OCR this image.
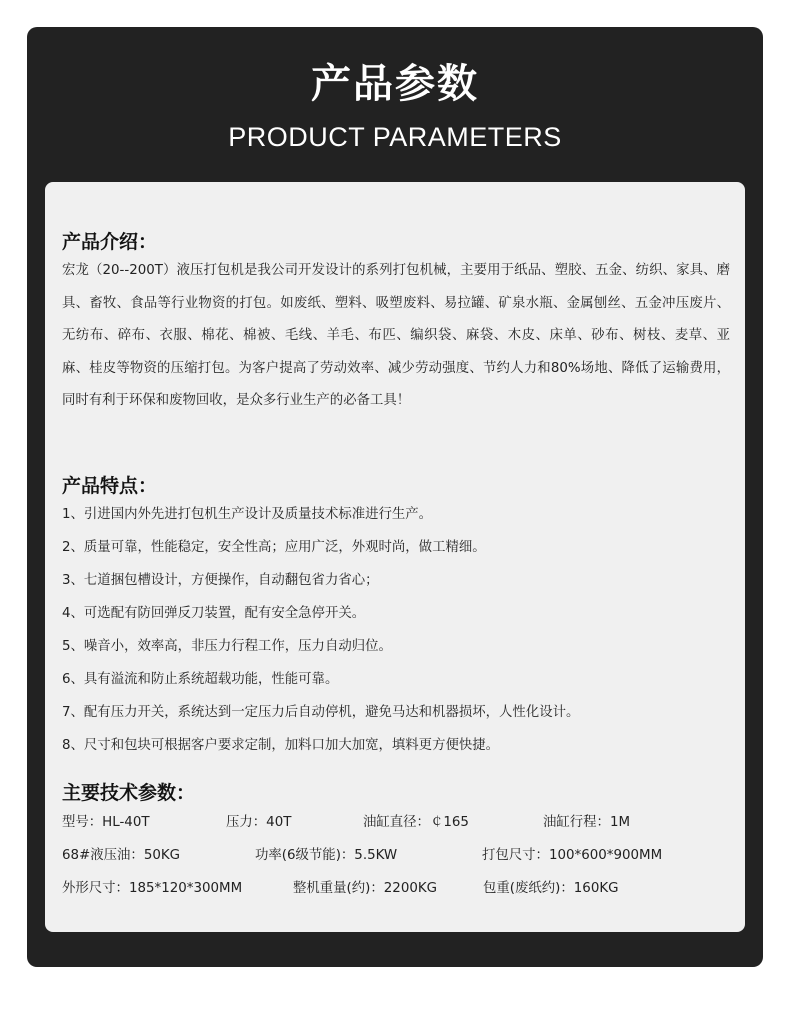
产品参数
PRODUCT PARAMETERS
产品介绍：
宏龙（20--200T）液压打包机是我公司开发设计的系列打包机械，主要用于纸品、塑胶、五金、纺织、家具、磨具、畜牧、食品等行业物资的打包。如废纸、塑料、吸塑废料、易拉罐、矿泉水瓶、金属刨丝、五金冲压废片、无纺布、碎布、衣服、棉花、棉被、毛线、羊毛、布匹、编织袋、麻袋、木皮、床单、砂布、树枝、麦草、亚麻、桂皮等物资的压缩打包。为客户提高了劳动效率、减少劳动强度、节约人力和80%场地、降低了运输费用， 同时有利于环保和废物回收，是众多行业生产的必备工具！
产品特点：
1、引进国内外先进打包机生产设计及质量技术标准进行生产。
2、质量可靠，性能稳定，安全性高；应用广泛，外观时尚，做工精细。
3、七道捆包槽设计，方便操作，自动翻包省力省心；
4、可选配有防回弹反刀装置，配有安全急停开关。
5、噪音小，效率高，非压力行程工作，压力自动归位。
6、具有溢流和防止系统超载功能，性能可靠。
7、配有压力开关，系统达到一定压力后自动停机，避免马达和机器损坏，人性化设计。
8、尺寸和包块可根据客户要求定制，加料口加大加宽，填料更方便快捷。
主要技术参数：
型号：HL-40T	压力：40T	油缸直径：￠165	油缸行程：1M
68#液压油：50KG	功率(6级节能)：5.5KW	打包尺寸：100*600*900MM
外形尺寸：185*120*300MM	整机重量(约)：2200KG	包重(废纸约)：160KG
